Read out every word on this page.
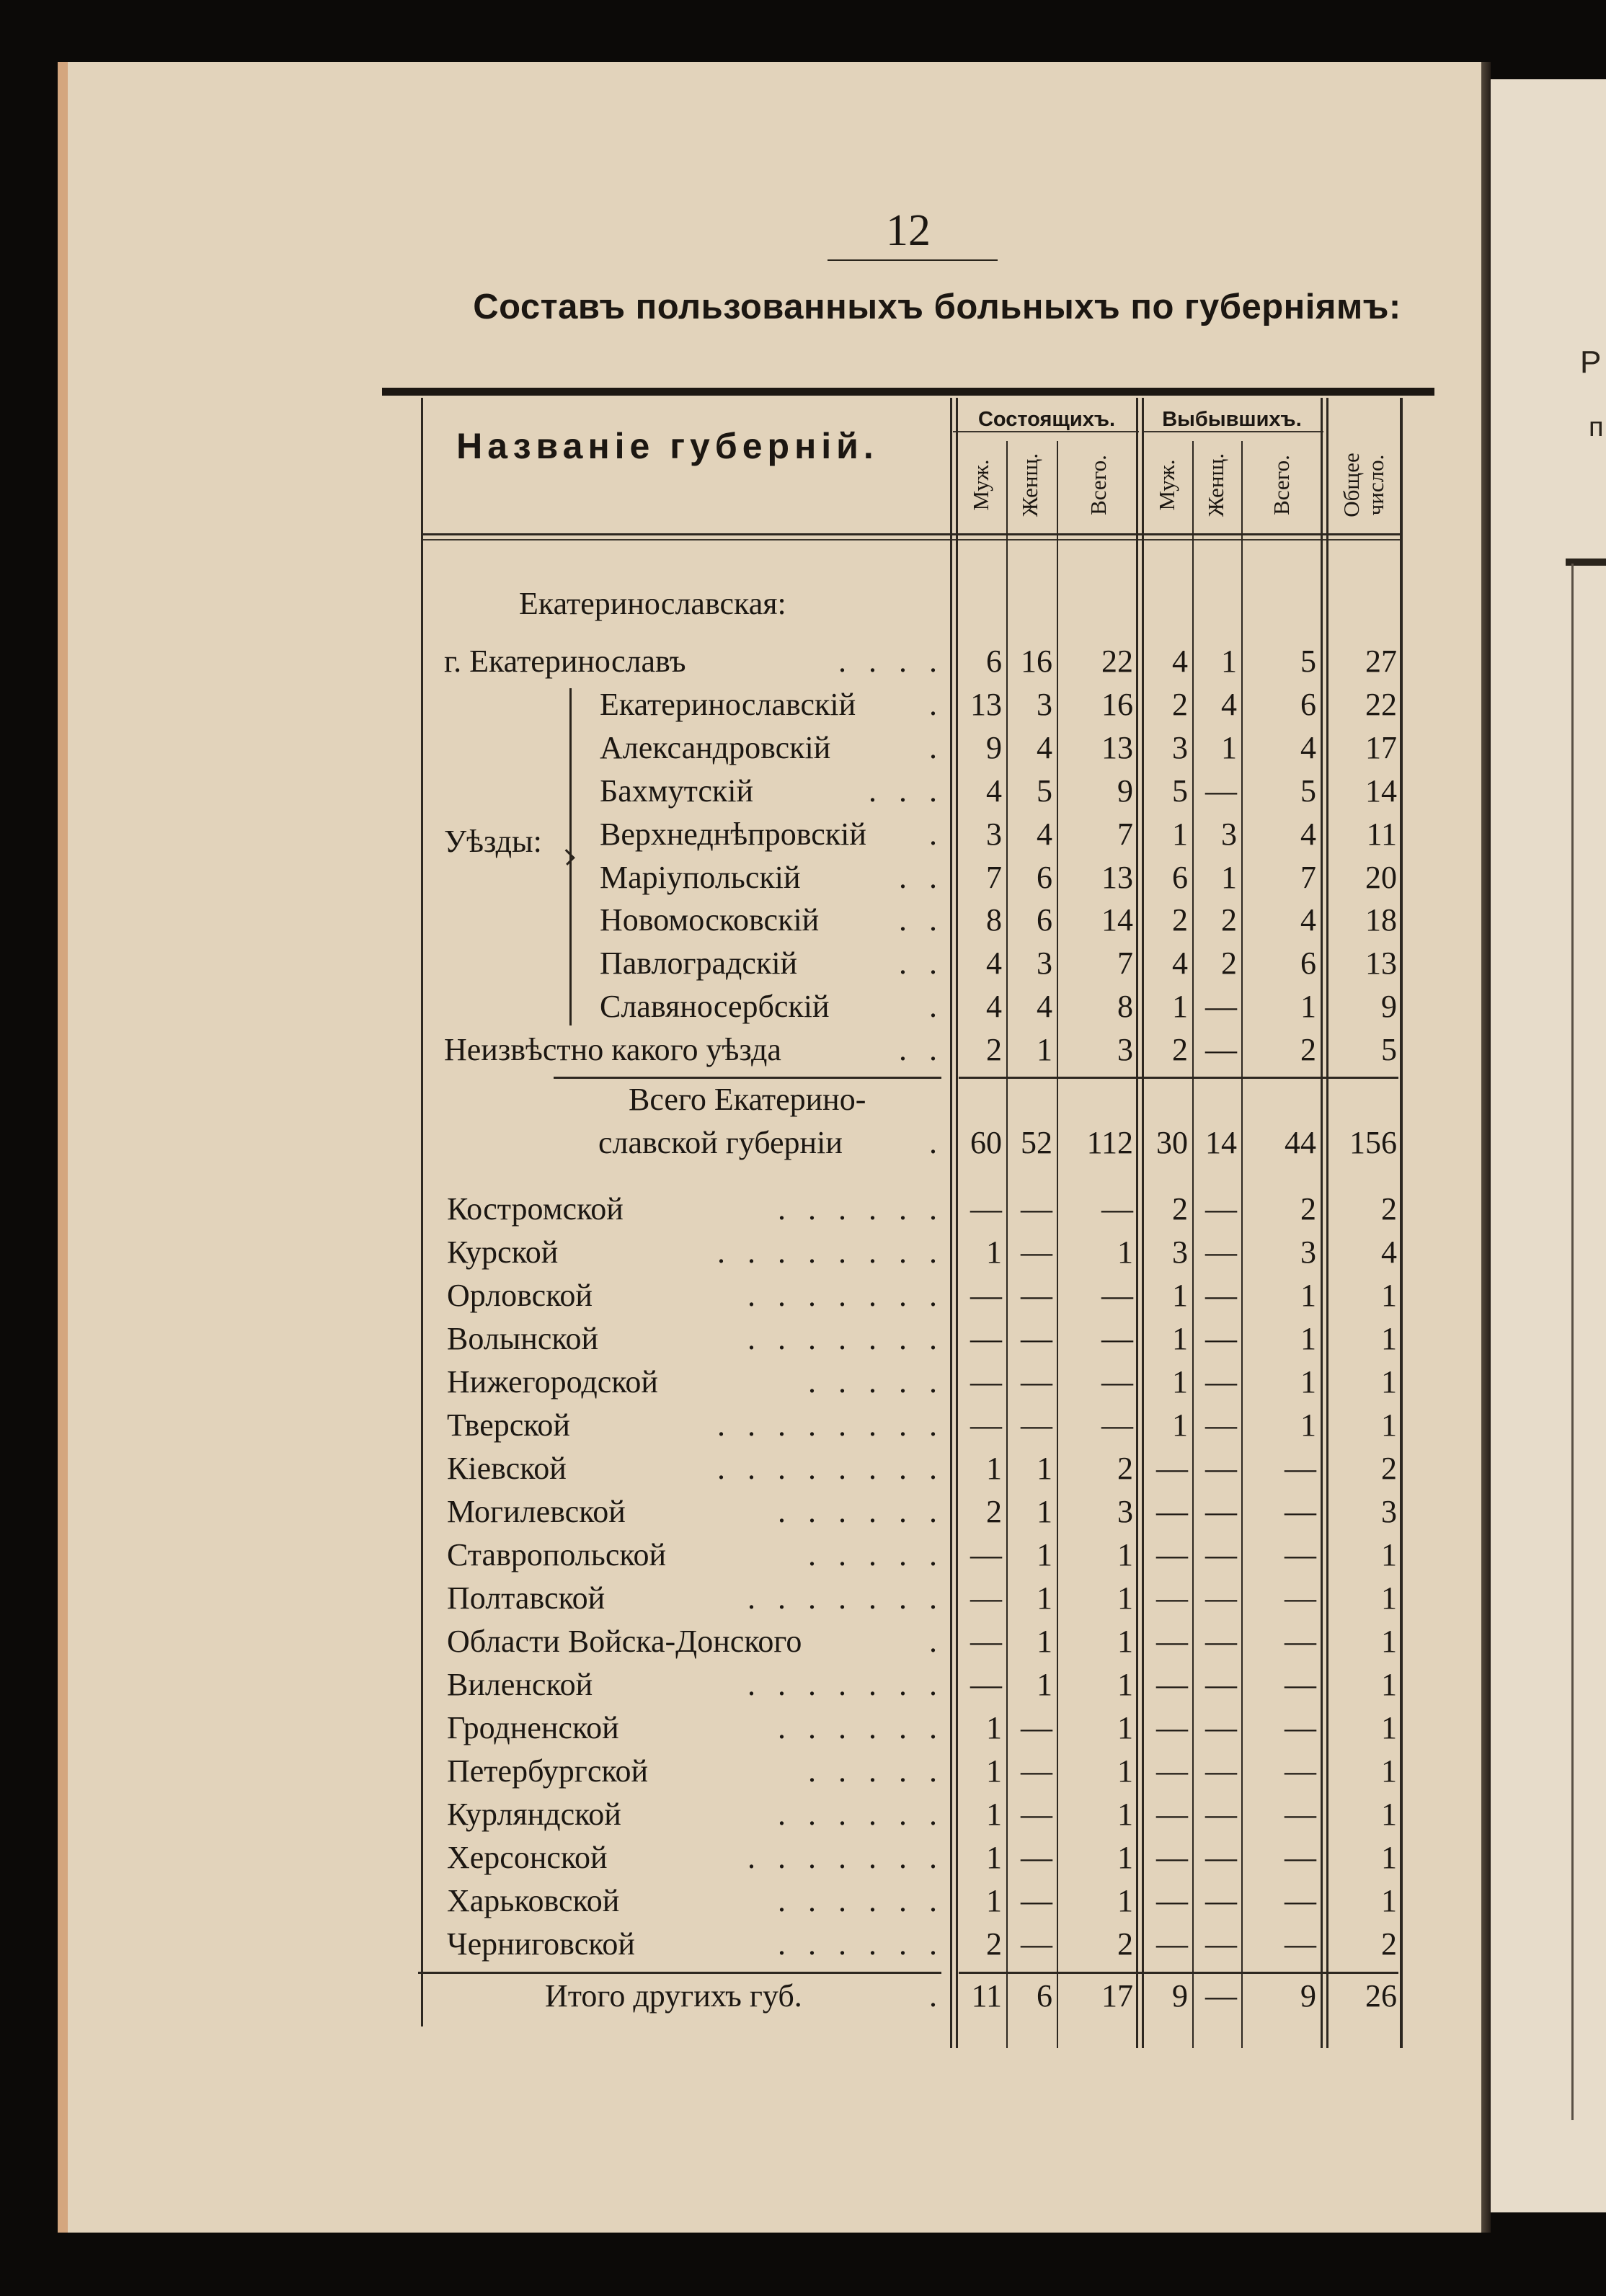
Р
п
12
Составъ пользованныхъ больныхъ по губерніямъ:
Названіе губерній.
Состоящихъ.	Выбывшихъ.
Муж. Женщ. Всего. Муж. Женщ. Всего. Общее
число.
Екатеринославская:
Уѣзды:
г. Екатеринославъ	. . . .	6 16	22	4	1	5	27
Екатеринославскій . 13	3	16	2	4	6	22
Александровскій	.	9	4	13	3	1	4	17
Бахмутскій	. . .	4	5	9	5 —	5	14
Верхнеднѣпровскій .	3	4	7	1	3	4	11
Маріупольскій	. .	7	6	13	6	1	7	20
Новомосковскій	. .	8	6	14	2	2	4	18
Павлоградскій	. .	4	3	7	4	2	6	13
Славяносербскій	.	4	4	8	1 —	1	9
Неизвѣстно какого уѣзда	. .	2	1	3	2 —	2	5
Всего Екатерино-
славской губерніи	. 60 52	112 30 14	44	156
Костромской	. . . . . . — —	—	2 —	2	2
Курской	. . . . . . . .	1 —	1	3 —	3	4
Орловской	. . . . . . . — —	—	1 —	1	1
Волынской	. . . . . . . — —	—	1 —	1	1
Нижегородской	. . . . . — —	—	1 —	1	1
Тверской	. . . . . . . . — —	—	1 —	1	1
Кіевской	. . . . . . . .	1	1	2 — —	—	2
Могилевской	. . . . . .	2	1	3 — —	—	3
Ставропольской	. . . . . —	1	1 — —	—	1
Полтавской	. . . . . . . —	1	1 — —	—	1
Области Войска-Донского	. —	1	1 — —	—	1
Виленской	. . . . . . . —	1	1 — —	—	1
Гродненской	. . . . . .	1 —	1 — —	—	1
Петербургской	. . . . .	1 —	1 — —	—	1
Курляндской	. . . . . .	1 —	1 — —	—	1
Херсонской	. . . . . . .	1 —	1 — —	—	1
Харьковской	. . . . . .	1 —	1 — —	—	1
Черниговской	. . . . . .	2 —	2 — —	—	2
Итого другихъ губ.	. 11	6	17	9 —	9	26
